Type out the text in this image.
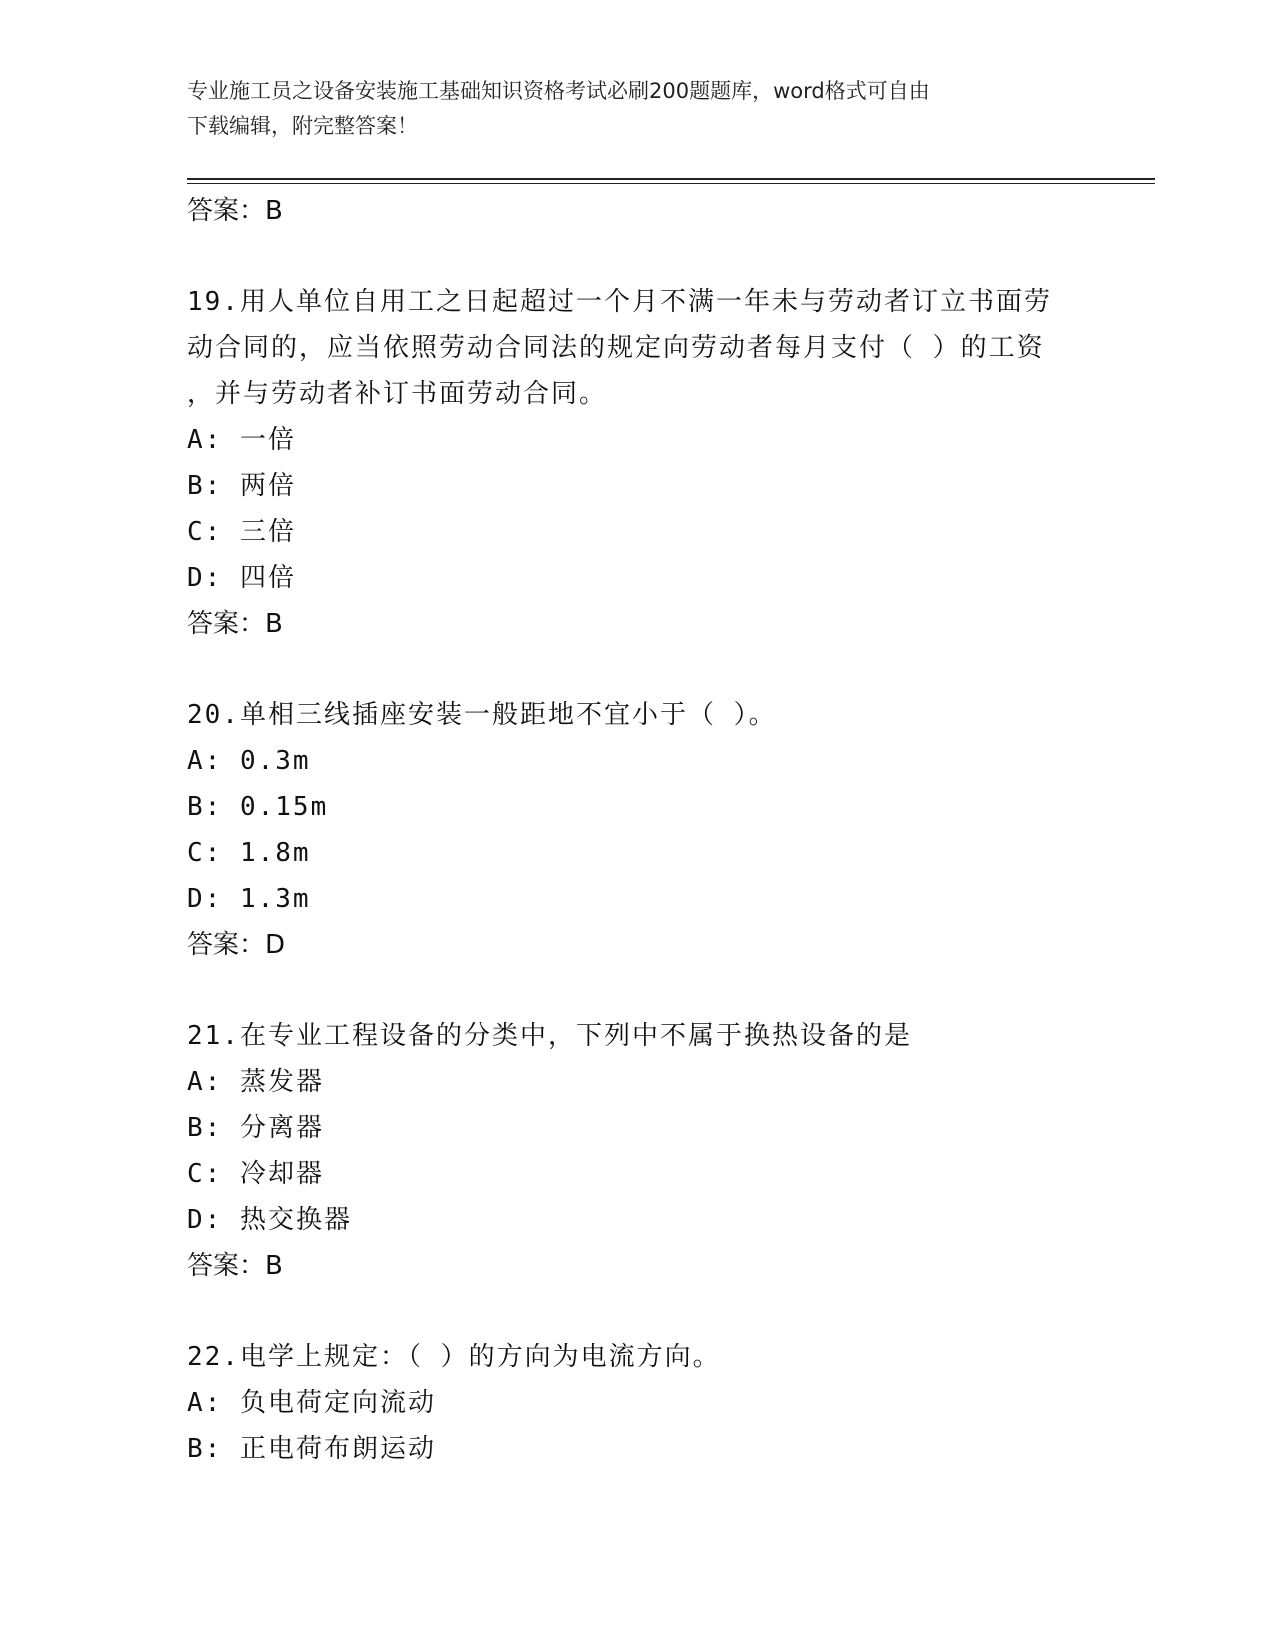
专业施工员之设备安装施工基础知识资格考试必刷200题题库，word格式可自由
下载编辑，附完整答案！
答案：B
19.用人单位自用工之日起超过一个月不满一年未与劳动者订立书面劳
动合同的，应当依照劳动合同法的规定向劳动者每月支付（ ）的工资
，并与劳动者补订书面劳动合同。
A: 一倍
B: 两倍
C: 三倍
D: 四倍
答案：B
20.单相三线插座安装一般距地不宜小于（ ）。
A: 0.3m
B: 0.15m
C: 1.8m
D: 1.3m
答案：D
21.在专业工程设备的分类中，下列中不属于换热设备的是
A: 蒸发器
B: 分离器
C: 冷却器
D: 热交换器
答案：B
22.电学上规定：（ ）的方向为电流方向。
A: 负电荷定向流动
B: 正电荷布朗运动
